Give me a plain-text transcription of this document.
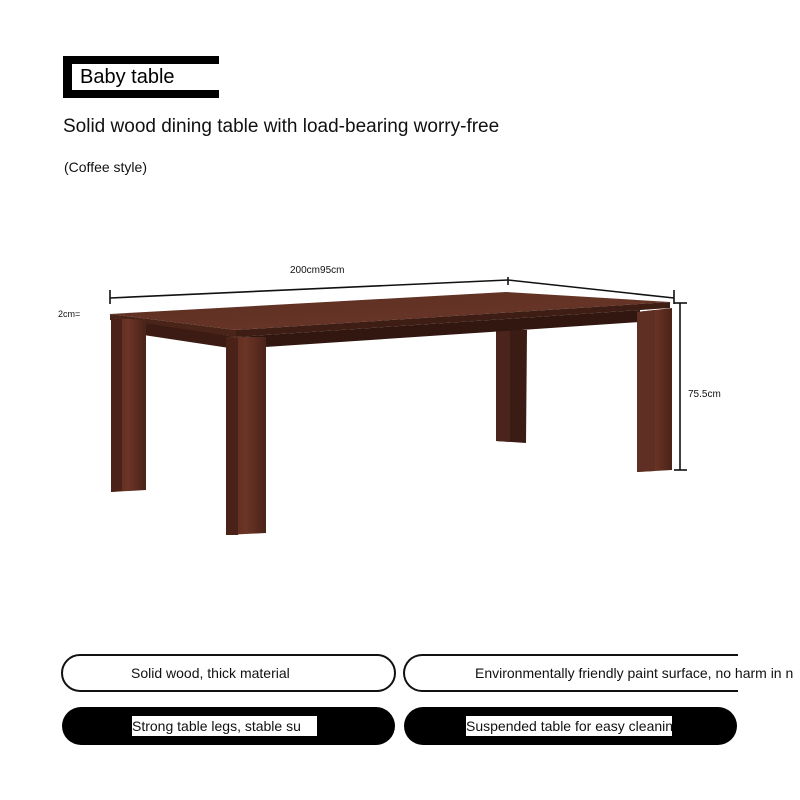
Baby table
Solid wood dining table with load-bearing worry-free
(Coffee style)
200cm95cm
2cm=
75.5cm
Solid wood, thick material	Environmentally friendly paint surface, no harm in n
Strong table legs, stable su	Suspended table for easy cleanin
